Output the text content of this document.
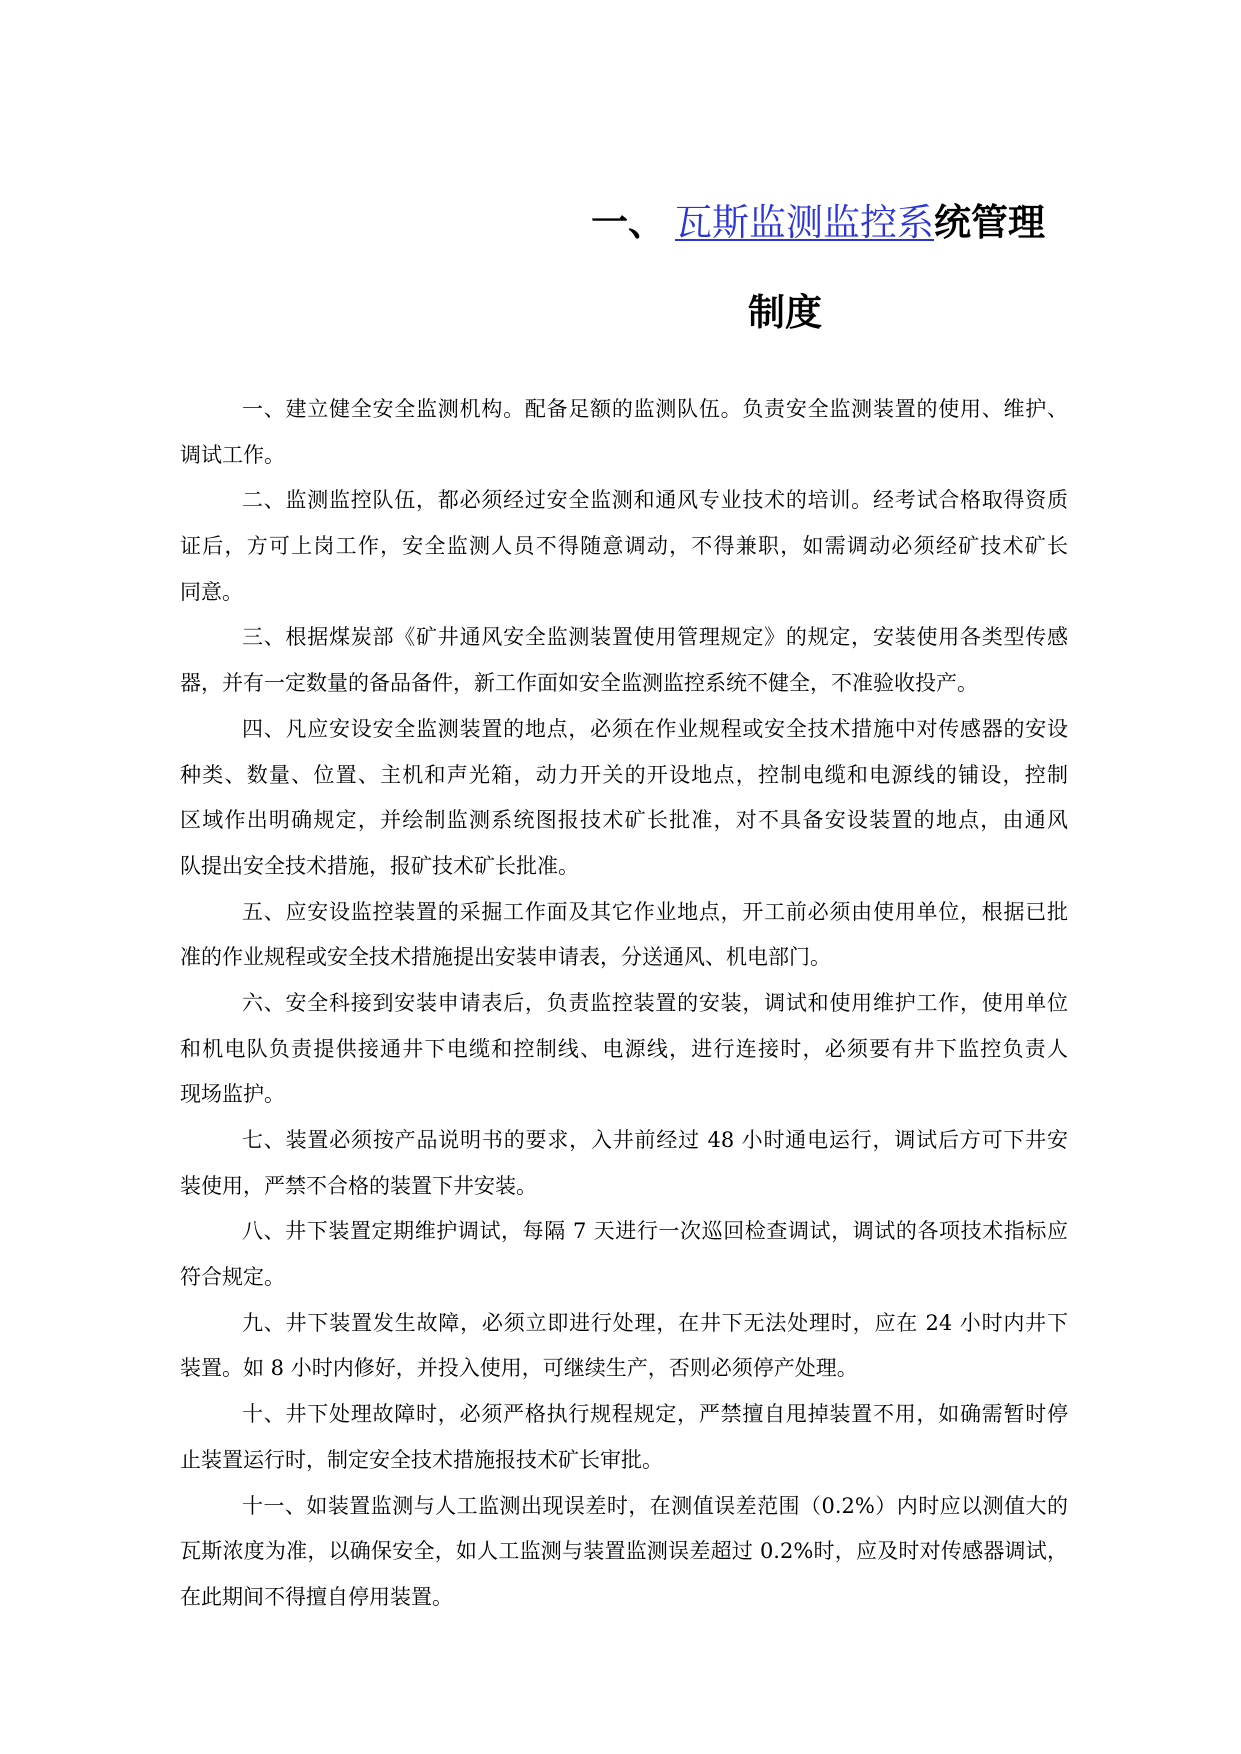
一、 瓦斯监测监控系统管理
制度
一、建立健全安全监测机构。配备足额的监测队伍。负责安全监测装置的使用、维护、
调试工作。
二、监测监控队伍，都必须经过安全监测和通风专业技术的培训。经考试合格取得资质
证后，方可上岗工作，安全监测人员不得随意调动，不得兼职，如需调动必须经矿技术矿长
同意。
三、根据煤炭部《矿井通风安全监测装置使用管理规定》的规定，安装使用各类型传感
器，并有一定数量的备品备件，新工作面如安全监测监控系统不健全，不准验收投产。
四、凡应安设安全监测装置的地点，必须在作业规程或安全技术措施中对传感器的安设
种类、数量、位置、主机和声光箱，动力开关的开设地点，控制电缆和电源线的铺设，控制
区域作出明确规定，并绘制监测系统图报技术矿长批准，对不具备安设装置的地点，由通风
队提出安全技术措施，报矿技术矿长批准。
五、应安设监控装置的采掘工作面及其它作业地点，开工前必须由使用单位，根据已批
准的作业规程或安全技术措施提出安装申请表，分送通风、机电部门。
六、安全科接到安装申请表后，负责监控装置的安装，调试和使用维护工作，使用单位
和机电队负责提供接通井下电缆和控制线、电源线，进行连接时，必须要有井下监控负责人
现场监护。
七、装置必须按产品说明书的要求，入井前经过 48 小时通电运行，调试后方可下井安
装使用，严禁不合格的装置下井安装。
八、井下装置定期维护调试，每隔 7 天进行一次巡回检查调试，调试的各项技术指标应
符合规定。
九、井下装置发生故障，必须立即进行处理，在井下无法处理时，应在 24 小时内井下
装置。如 8 小时内修好，并投入使用，可继续生产，否则必须停产处理。
十、井下处理故障时，必须严格执行规程规定，严禁擅自甩掉装置不用，如确需暂时停
止装置运行时，制定安全技术措施报技术矿长审批。
十一、如装置监测与人工监测出现误差时，在测值误差范围（0.2%）内时应以测值大的
瓦斯浓度为准，以确保安全，如人工监测与装置监测误差超过 0.2%时，应及时对传感器调试，
在此期间不得擅自停用装置。
